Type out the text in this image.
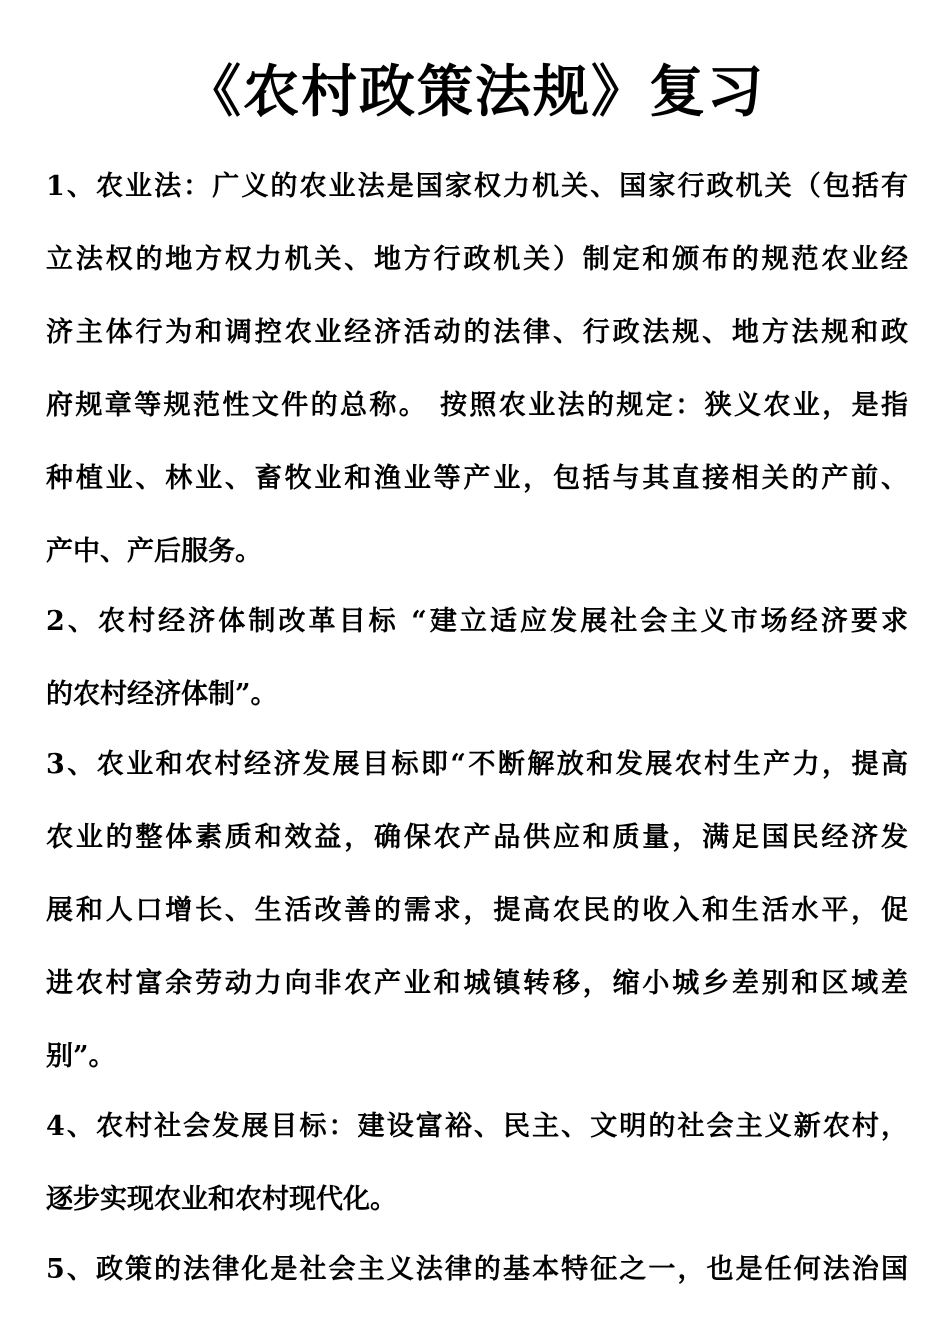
《农村政策法规》复习
1、农业法：广义的农业法是国家权力机关、国家行政机关（包括有
立法权的地方权力机关、地方行政机关）制定和颁布的规范农业经
济主体行为和调控农业经济活动的法律、行政法规、地方法规和政
府规章等规范性文件的总称。 按照农业法的规定：狭义农业，是指
种植业、林业、畜牧业和渔业等产业，包括与其直接相关的产前、
产中、产后服务。
2、农村经济体制改革目标 “建立适应发展社会主义市场经济要求
的农村经济体制”。
3、农业和农村经济发展目标即“不断解放和发展农村生产力，提高
农业的整体素质和效益，确保农产品供应和质量，满足国民经济发
展和人口增长、生活改善的需求，提高农民的收入和生活水平，促
进农村富余劳动力向非农产业和城镇转移，缩小城乡差别和区域差
别”。
4、农村社会发展目标：建设富裕、民主、文明的社会主义新农村，
逐步实现农业和农村现代化。
5、政策的法律化是社会主义法律的基本特征之一，也是任何法治国
